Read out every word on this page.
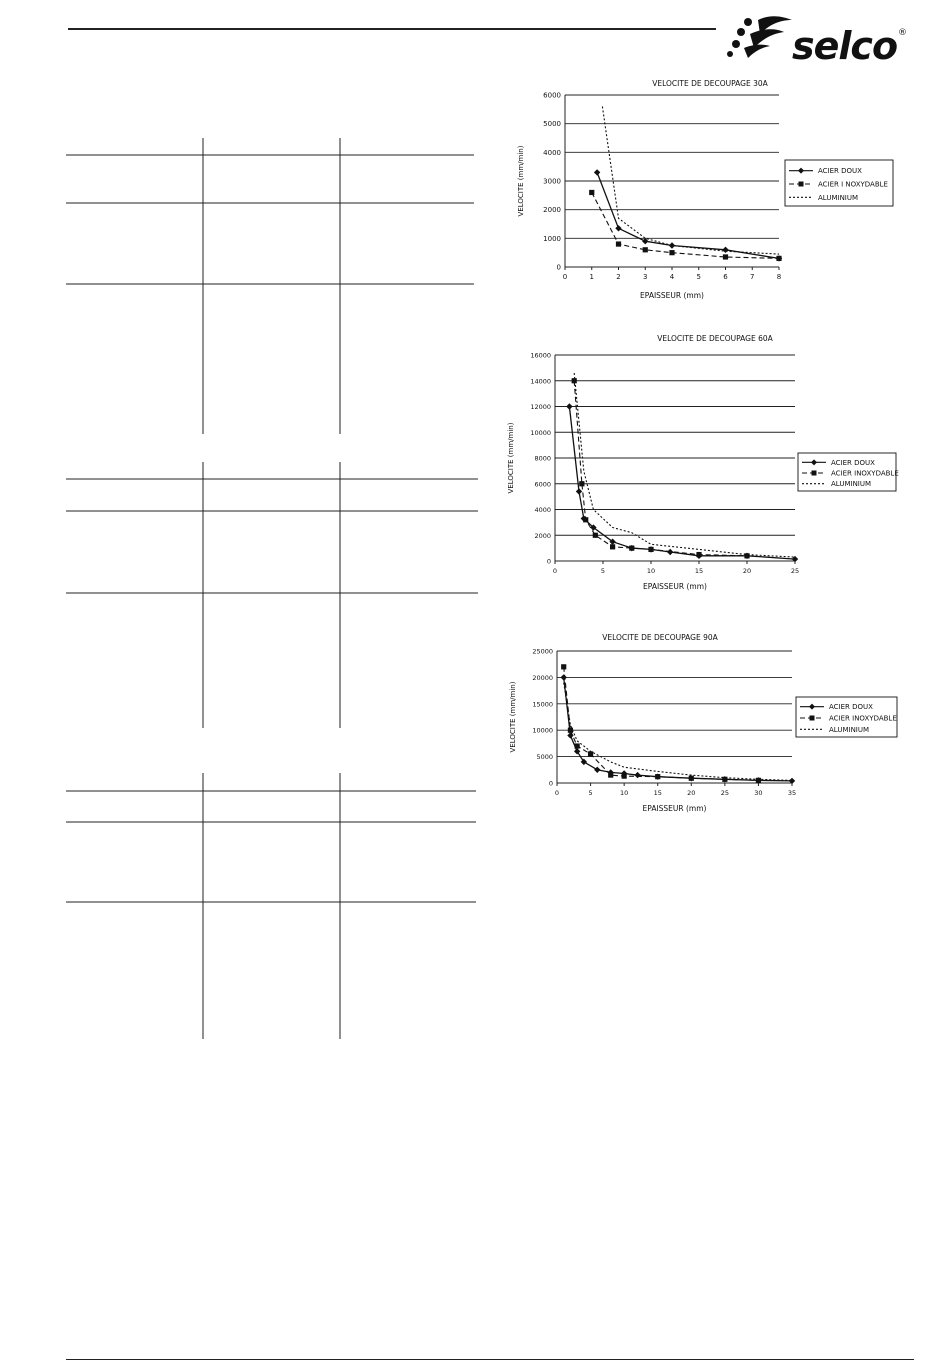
selco ®
VELOCITE DE DECOUPAGE 30A
0
1000
2000
3000
4000
5000
6000
0	1	2	3	4	5	6	7	8
EPAISSEUR (mm)
VELOCITE (mm/min)	ACIER DOUX
ACIER I NOXYDABLE
ALUMINIUM
VELOCITE DE DECOUPAGE 60A
0
2000
4000
6000
8000
10000
12000
14000
16000
0	5	10	15	20	25
EPAISSEUR (mm)
VELOCITE (mm/min)	ACIER DOUX
ACIER INOXYDABLE
ALUMINIUM
VELOCITE DE DECOUPAGE 90A
0
5000
10000
15000
20000
25000
0	5	10	15	20	25	30	35
EPAISSEUR (mm)
VELOCITE (mm/min)	ACIER DOUX
ACIER INOXYDABLE
ALUMINIUM
